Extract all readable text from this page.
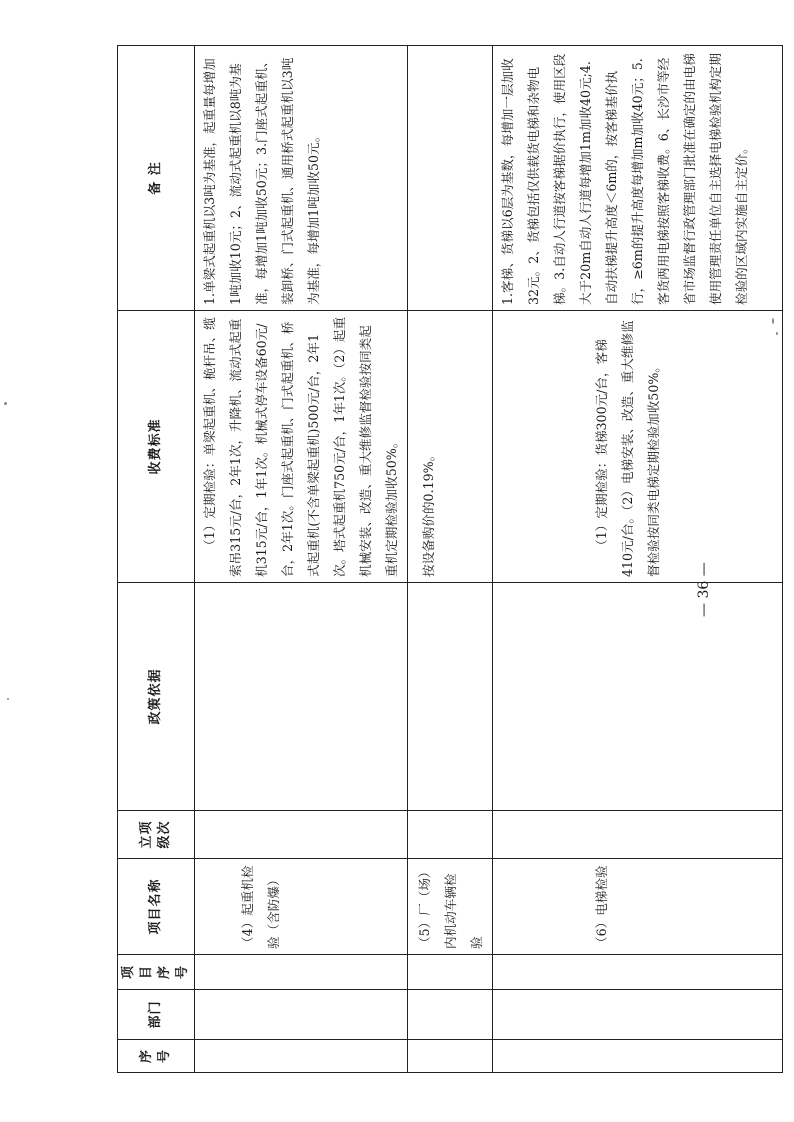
序号	部门	项目序号	项目名称	立项级次	政策依据	收费标准	备 注
			（4）起重机检验（含防爆）			（1）定期检验：单梁起重机、桅杆吊、缆索吊315元/台，2年1次，升降机、流动式起重机315元/台，1年1次。机械式停车设备60元/台，2年1次。门座式起重机、门式起重机、桥式起重机(不含单梁起重机)500元/台，2年1次。塔式起重机750元/台，1年1次。（2）起重机械安装、改造、重大维修监督检验按同类起重机定期检验加收50%。	1.单梁式起重机以3吨为基准，起重量每增加1吨加收10元；2、流动式起重机以8吨为基准，每增加1吨加收50元；3.门座式起重机、装卸桥、门式起重机、通用桥式起重机以3吨为基准，每增加1吨加收50元。
			（5）厂（场）内机动车辆检验			按设备购价的0.19%。	
			（6）电梯检验			（1）定期检验：货梯300元/台，客梯410元/台。（2）电梯安装、改造、重大维修监督检验按同类电梯定期检验加收50%。	1.客梯、货梯以6层为基数，每增加一层加收32元。2、货梯包括仅供载货电梯和杂物电梯。3.自动人行道按客梯据价执行，使用区段大于20m自动人行道每增加1m加收40元;4.自动扶梯提升高度＜6m的，按客梯基价执行，≥6m的提升高度每增加m加收40元；5.客货两用电梯按照客梯收费。6、长沙市等经省市场监督行政管理部门批准在确定的由电梯使用管理责任单位自主选择电梯检验机构定期检验的区域内实施自主定价。
— 36 —
